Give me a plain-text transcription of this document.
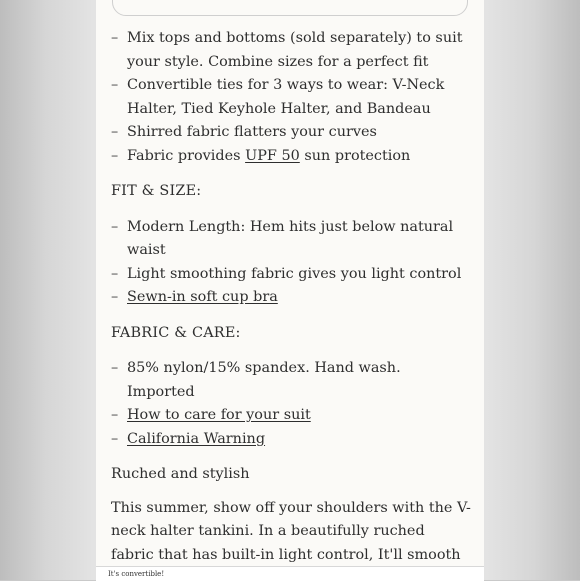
– Mix tops and bottoms (sold separately) to suit your style. Combine sizes for a perfect fit
– Convertible ties for 3 ways to wear: V-Neck Halter, Tied Keyhole Halter, and Bandeau
– Shirred fabric flatters your curves
– Fabric provides UPF 50 sun protection
FIT & SIZE:
– Modern Length: Hem hits just below natural waist
– Light smoothing fabric gives you light control
– Sewn-in soft cup bra
FABRIC & CARE:
– 85% nylon/15% spandex. Hand wash. Imported
– How to care for your suit
– California Warning
Ruched and stylish

This summer, show off your shoulders with the V-neck halter tankini. In a beautifully ruched fabric that has built-in light control, It'll smooth

It's convertible!
